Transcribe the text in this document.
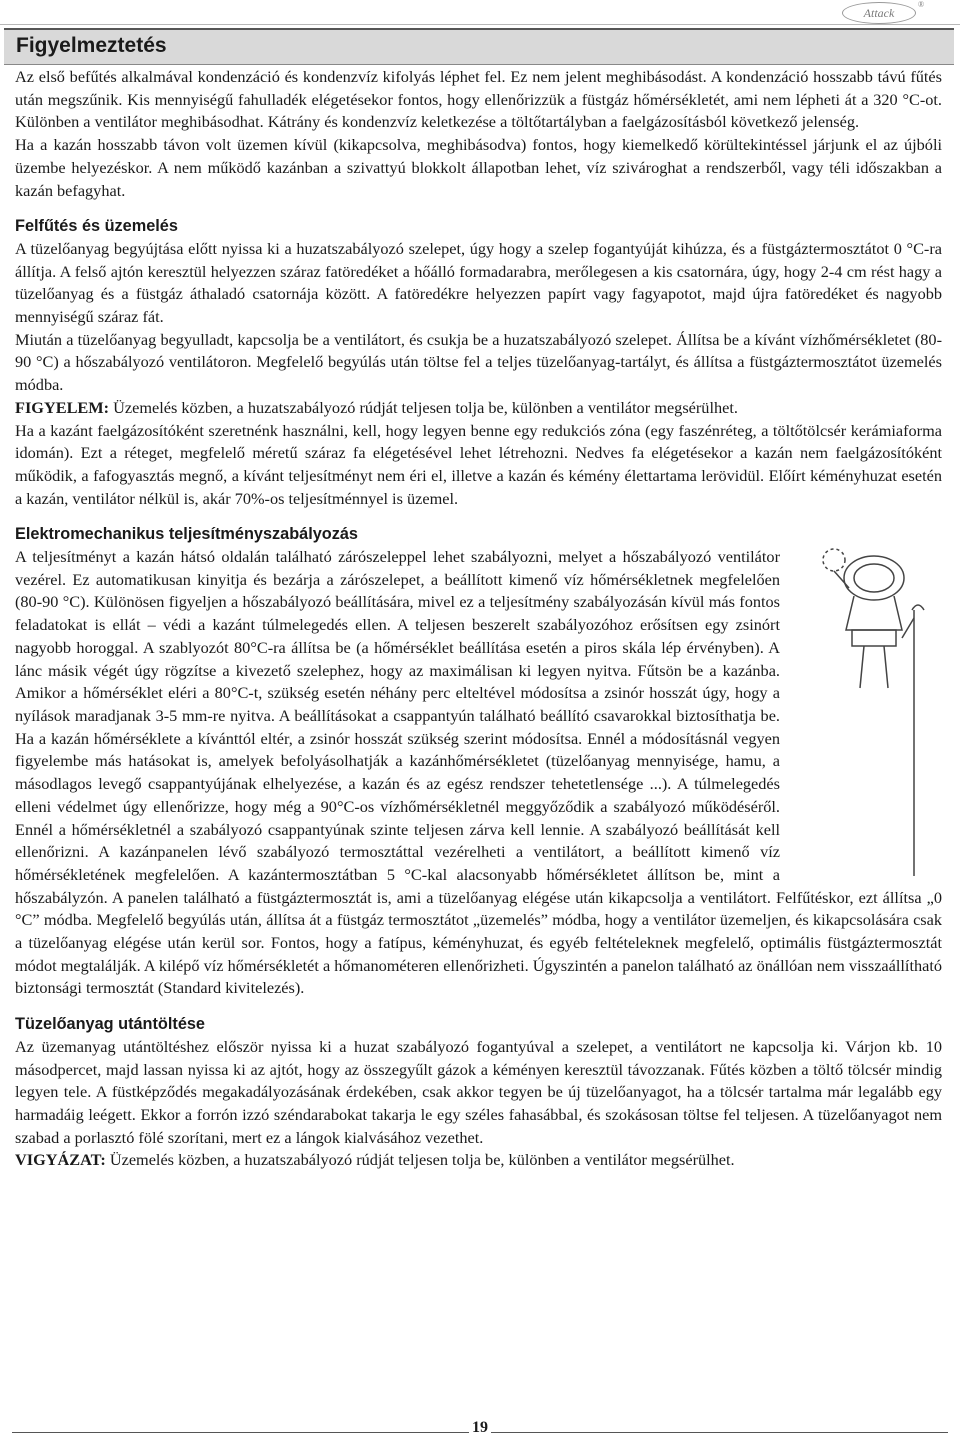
Attack
®
Figyelmeztetés

Az első befűtés alkalmával kondenzáció és kondenzvíz kifolyás léphet fel. Ez nem jelent meghibásodást. A kondenzáció hosszabb távú fűtés után megszűnik. Kis mennyiségű fahulladék elégetésekor fontos, hogy ellenőrizzük a füstgáz hőmérsékletét, ami nem lépheti át a 320 °C-ot. Különben a ventilátor meghibásodhat. Kátrány és kondenzvíz keletkezése a töltőtartályban a faelgázosításból következő jelenség.

Ha a kazán hosszabb távon volt üzemen kívül (kikapcsolva, meghibásodva) fontos, hogy kiemelkedő körültekintéssel járjunk el az újbóli üzembe helyezéskor. A nem működő kazánban a szivattyú blokkolt állapotban lehet, víz szivároghat a rendszerből, vagy téli időszakban a kazán befagyhat.

Felfűtés és üzemelés

A tüzelőanyag begyújtása előtt nyissa ki a huzatszabályozó szelepet, úgy hogy a szelep fogantyúját kihúzza, és a füstgáztermosztátot 0 °C-ra állítja. A felső ajtón keresztül helyezzen száraz fatöredéket a hőálló formadarabra, merőlegesen a kis csatornára, úgy, hogy 2-4 cm rést hagy a tüzelőanyag és a füstgáz áthaladó csatornája között. A fatöredékre helyezzen papírt vagy fagyapotot, majd újra fatöredéket és nagyobb mennyiségű száraz fát.

Miután a tüzelőanyag begyulladt, kapcsolja be a ventilátort, és csukja be a huzatszabályozó szelepet. Állítsa be a kívánt vízhőmérsékletet (80-90 °C) a hőszabályozó ventilátoron. Megfelelő begyúlás után töltse fel a teljes tüzelőanyag-tartályt, és állítsa a füstgáztermosztátot üzemelés módba.

FIGYELEM: Üzemelés közben, a huzatszabályozó rúdját teljesen tolja be, különben a ventilátor megsérülhet.

Ha a kazánt faelgázosítóként szeretnénk használni, kell, hogy legyen benne egy redukciós zóna (egy faszénréteg, a töltőtölcsér kerámiaforma idomán). Ezt a réteget, megfelelő méretű száraz fa elégetésével lehet létrehozni. Nedves fa elégetésekor a kazán nem faelgázosítóként működik, a fafogyasztás megnő, a kívánt teljesítményt nem éri el, illetve a kazán és kémény élettartama lerövidül. Előírt kéményhuzat esetén a kazán, ventilátor nélkül is, akár 70%-os teljesítménnyel is üzemel.

Elektromechanikus teljesítményszabályozás

A teljesítményt a kazán hátsó oldalán található zárószeleppel lehet szabályozni, melyet a hőszabályozó ventilátor vezérel. Ez automatikusan kinyitja és bezárja a zárószelepet, a beállított kimenő víz hőmérsékletnek megfelelően (80-90 °C). Különösen figyeljen a hőszabályozó beállítására, mivel ez a teljesítmény szabályozásán kívül más fontos feladatokat is ellát – védi a kazánt túlmelegedés ellen. A teljesen beszerelt szabályozóhoz erősítsen egy zsinórt nagyobb horoggal. A szablyozót 80°C-ra állítsa be (a hőmérséklet beállítása esetén a piros skála lép érvényben). A lánc másik végét úgy rögzítse a kivezető szelephez, hogy az maximálisan ki legyen nyitva. Fűtsön be a kazánba. Amikor a hőmérséklet eléri a 80°C-t, szükség esetén néhány perc elteltével módosítsa a zsinór hosszát úgy, hogy a nyílások maradjanak 3-5 mm-re nyitva. A beállításokat a csappantyún található beállító csavarokkal biztosíthatja be. Ha a kazán hőmérséklete a kívánttól eltér, a zsinór hosszát szükség szerint módosítsa. Ennél a módosításnál vegyen figyelembe más hatásokat is, amelyek befolyásolhatják a kazánhőmérsékletet (tüzelőanyag mennyisége, hamu, a másodlagos levegő csappantyújának elhelyezése, a kazán és az egész rendszer tehetetlensége ...). A túlmelegedés elleni védelmet úgy ellenőrizze, hogy még a 90°C-os vízhőmérsékletnél meggyőződik a szabályozó működéséről. Ennél a hőmérsékletnél a szabályozó csappantyúnak szinte teljesen zárva kell lennie. A szabályozó beállítását kell ellenőrizni. A kazánpanelen lévő szabályozó termosztáttal vezérelheti a ventilátort, a beállított kimenő víz hőmérsékletének megfelelően. A kazántermosztátban 5 °C-kal alacsonyabb hőmérsékletet állítson be, mint a hőszabályzón. A panelen található a füstgáztermosztát is, ami a tüzelőanyag elégése után kikapcsolja a ventilátort. Felfűtéskor, ezt állítsa „0 °C” módba. Megfelelő begyúlás után, állítsa át a füstgáz termosztátot „üzemelés” módba, hogy a ventilátor üzemeljen, és kikapcsolására csak a tüzelőanyag elégése után kerül sor. Fontos, hogy a fatípus, kéményhuzat, és egyéb feltételeknek megfelelő, optimális füstgáztermosztát módot megtalálják. A kilépő víz hőmérsékletét a hőmanométeren ellenőrizheti. Úgyszintén a panelon található az önállóan nem visszaállítható biztonsági termosztát (Standard kivitelezés).

Tüzelőanyag utántöltése

Az üzemanyag utántöltéshez először nyissa ki a huzat szabályozó fogantyúval a szelepet, a ventilátort ne kapcsolja ki. Várjon kb. 10 másodpercet, majd lassan nyissa ki az ajtót, hogy az összegyűlt gázok a kéményen keresztül távozzanak. Fűtés közben a töltő tölcsér mindig legyen tele. A füstképződés megakadályozásának érdekében, csak akkor tegyen be új tüzelőanyagot, ha a tölcsér tartalma már legalább egy harmadáig leégett. Ekkor a forrón izzó széndarabokat takarja le egy széles fahasábbal, és szokásosan töltse fel teljesen. A tüzelőanyagot nem szabad a porlasztó fölé szorítani, mert ez a lángok kialvásához vezethet.

VIGYÁZAT: Üzemelés közben, a huzatszabályozó rúdját teljesen tolja be, különben a ventilátor megsérülhet.

19
